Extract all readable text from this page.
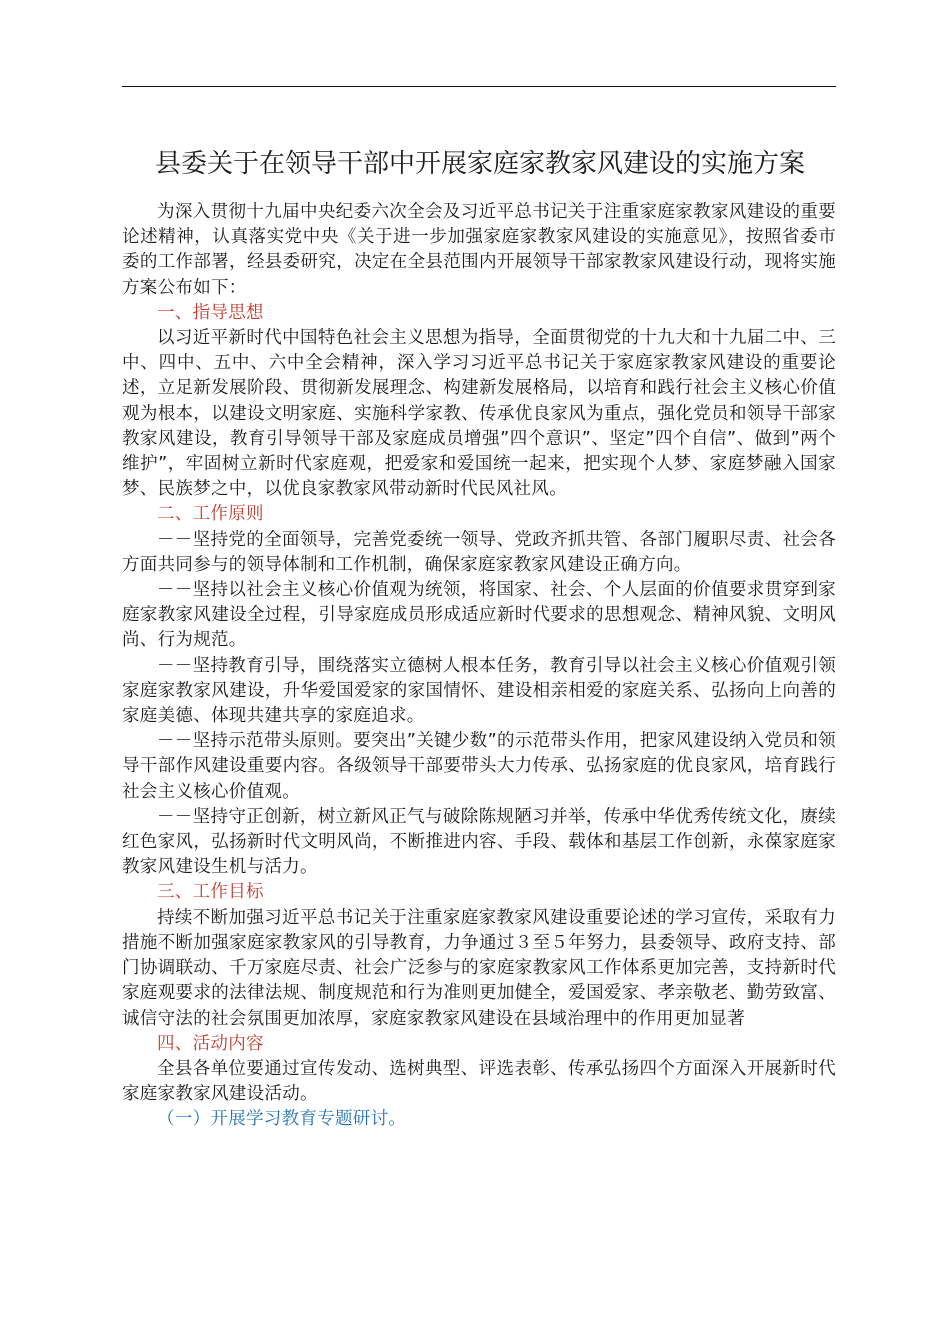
县委关于在领导干部中开展家庭家教家风建设的实施方案

为深入贯彻十九届中央纪委六次全会及习近平总书记关于注重家庭家教家风建设的重要论述精神，认真落实党中央《关于进一步加强家庭家教家风建设的实施意见》，按照省委市委的工作部署，经县委研究，决定在全县范围内开展领导干部家教家风建设行动，现将实施方案公布如下：

一、指导思想

以习近平新时代中国特色社会主义思想为指导，全面贯彻党的十九大和十九届二中、三中、四中、五中、六中全会精神，深入学习习近平总书记关于家庭家教家风建设的重要论述，立足新发展阶段、贯彻新发展理念、构建新发展格局，以培育和践行社会主义核心价值观为根本，以建设文明家庭、实施科学家教、传承优良家风为重点，强化党员和领导干部家教家风建设，教育引导领导干部及家庭成员增强”四个意识”、坚定”四个自信”、做到”两个维护”，牢固树立新时代家庭观，把爱家和爱国统一起来，把实现个人梦、家庭梦融入国家梦、民族梦之中，以优良家教家风带动新时代民风社风。

二、工作原则

－－坚持党的全面领导，完善党委统一领导、党政齐抓共管、各部门履职尽责、社会各方面共同参与的领导体制和工作机制，确保家庭家教家风建设正确方向。

－－坚持以社会主义核心价值观为统领，将国家、社会、个人层面的价值要求贯穿到家庭家教家风建设全过程，引导家庭成员形成适应新时代要求的思想观念、精神风貌、文明风尚、行为规范。

－－坚持教育引导，围绕落实立德树人根本任务，教育引导以社会主义核心价值观引领家庭家教家风建设，升华爱国爱家的家国情怀、建设相亲相爱的家庭关系、弘扬向上向善的家庭美德、体现共建共享的家庭追求。

－－坚持示范带头原则。要突出”关键少数”的示范带头作用，把家风建设纳入党员和领导干部作风建设重要内容。各级领导干部要带头大力传承、弘扬家庭的优良家风，培育践行社会主义核心价值观。

－－坚持守正创新，树立新风正气与破除陈规陋习并举，传承中华优秀传统文化，赓续红色家风，弘扬新时代文明风尚，不断推进内容、手段、载体和基层工作创新，永葆家庭家教家风建设生机与活力。

三、工作目标

持续不断加强习近平总书记关于注重家庭家教家风建设重要论述的学习宣传，采取有力措施不断加强家庭家教家风的引导教育，力争通过３至５年努力，县委领导、政府支持、部门协调联动、千万家庭尽责、社会广泛参与的家庭家教家风工作体系更加完善，支持新时代家庭观要求的法律法规、制度规范和行为准则更加健全，爱国爱家、孝亲敬老、勤劳致富、诚信守法的社会氛围更加浓厚，家庭家教家风建设在县域治理中的作用更加显著

四、活动内容

全县各单位要通过宣传发动、选树典型、评选表彰、传承弘扬四个方面深入开展新时代家庭家教家风建设活动。

（一）开展学习教育专题研讨。
